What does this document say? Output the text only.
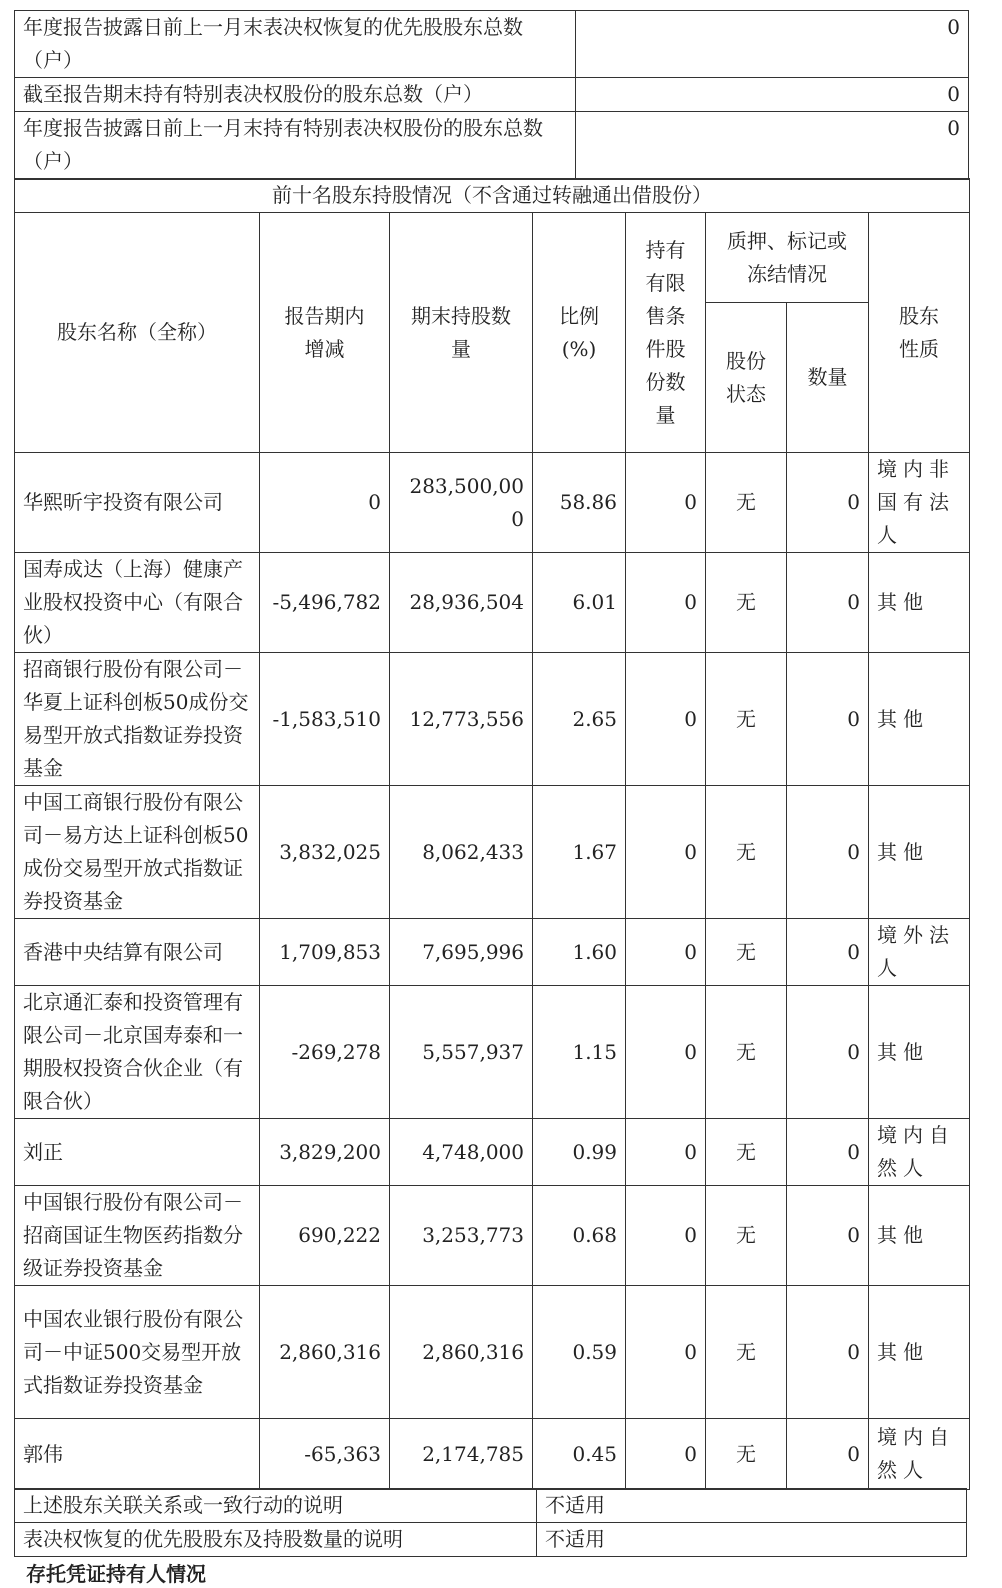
年度报告披露日前上一月末表决权恢复的优先股股东总数（户）	0
截至报告期末持有特别表决权股份的股东总数（户）	0
年度报告披露日前上一月末持有特别表决权股份的股东总数（户）	0
前十名股东持股情况（不含通过转融通出借股份）							
股东名称（全称）	报告期内增减	期末持股数量	比例(%)	持有有限售条件股份数量	质押、标记或冻结情况		股东性质
					股份状态	数量	
华熙昕宇投资有限公司	0	283,500,000	58.86	0	无	0	境内非国有法人
国寿成达（上海）健康产业股权投资中心（有限合伙）	-5,496,782	28,936,504	6.01	0	无	0	其他
招商银行股份有限公司－华夏上证科创板50成份交易型开放式指数证券投资基金	-1,583,510	12,773,556	2.65	0	无	0	其他
中国工商银行股份有限公司－易方达上证科创板50成份交易型开放式指数证券投资基金	3,832,025	8,062,433	1.67	0	无	0	其他
香港中央结算有限公司	1,709,853	7,695,996	1.60	0	无	0	境外法人
北京通汇泰和投资管理有限公司－北京国寿泰和一期股权投资合伙企业（有限合伙）	-269,278	5,557,937	1.15	0	无	0	其他
刘正	3,829,200	4,748,000	0.99	0	无	0	境内自然人
中国银行股份有限公司－招商国证生物医药指数分级证券投资基金	690,222	3,253,773	0.68	0	无	0	其他
中国农业银行股份有限公司－中证500交易型开放式指数证券投资基金	2,860,316	2,860,316	0.59	0	无	0	其他
郭伟	-65,363	2,174,785	0.45	0	无	0	境内自然人
上述股东关联关系或一致行动的说明	不适用
表决权恢复的优先股股东及持股数量的说明	不适用
存托凭证持有人情况
